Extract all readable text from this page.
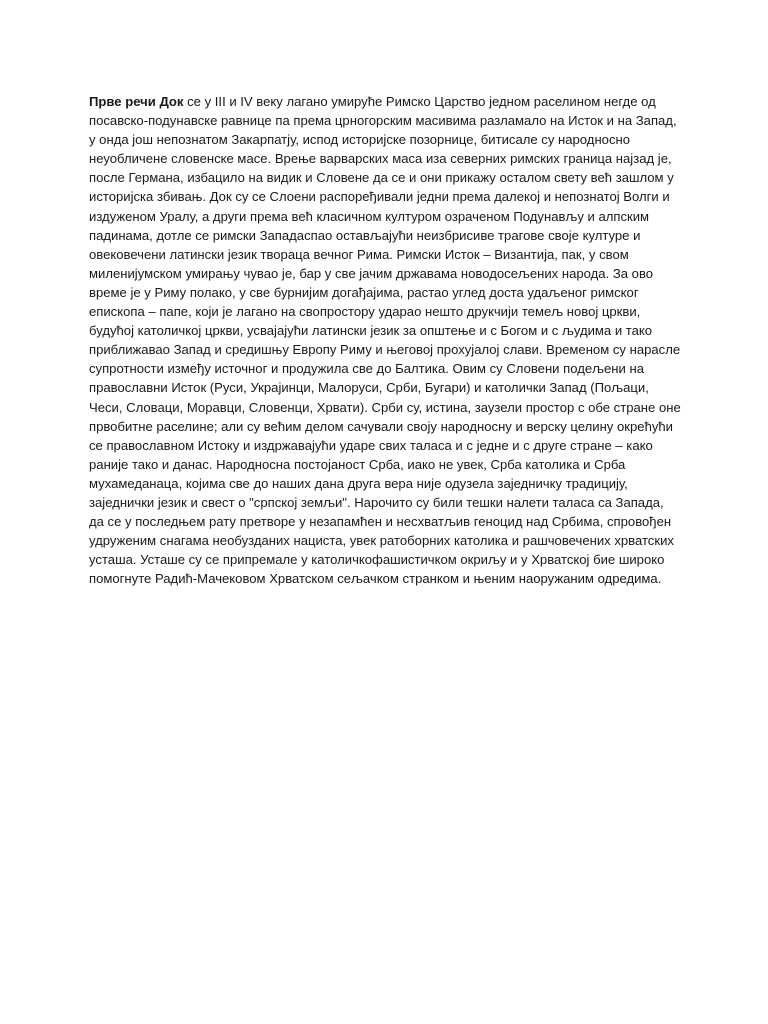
Прве речи Док се у III и IV веку лагано умируће Римско Царство једном раселином негде од посавско-подунавске равнице па према црногорским масивима разламало на Исток и на Запад, у онда још непознатом Закарпатју, испод историјске позорнице, битисале су народносно неуобличене словенске масе. Врење варварских маса иза северних римских граница најзад је, после Германа, избацило на видик и Словене да се и они прикажу осталом свету већ зашлом у историјска збивањ. Док су се Слоени распоређивали једни према далекој и непознатој Волги и издуженом Уралу, а други према већ класичном културом озраченом Подунављу и алпским падинама, дотле се римски Западаспао остављајући неизбрисиве трагове своје културе и овековечени латински језик твораца вечног Рима. Римски Исток – Византија, пак, у свом милениjумском умирању чувао је, бар у све јачим државама новодосељених народа. За ово време је у Риму полако, у све бурнијим догађајима, растао углед доста удаљеног римског епископа – папе, који је лагано на свопростору ударао нешто друкчији темељ новој цркви, будућој католичкој цркви, усвајајући латински језик за општење и с Богом и с људима и тако приближавао Запад и средишњу Европу Риму и његовој прохујалој слави. Временом су нарасле супротности између источног и продужила све до Балтика. Овим су Словени подељени на православни Исток (Руси, Украјинци, Малоруси, Срби, Бугари) и католички Запад (Пољаци, Чеси, Словаци, Моравци, Словенци, Хрвати). Срби су, истина, заузели простор с обе стране оне првобитне раселине; али су већим делом сачували своју народносну и верску целину окрећући се православном Истоку и издржавајући ударе свих таласа и с једне и с друге стране – како раније тако и данас. Народносна постојаност Срба, иако не увек, Срба католика и Срба мухамеданаца, којима све до наших дана друга вера није одузела заједничку традицију, заједнички језик и свест о "српској земљи". Нарочито су били тешки налети таласа са Запада, да се у последњем рату претворе у незапамћен и несхватљив геноцид над Србима, спровођен удруженим снагама необузданих нациста, увек ратоборних католика и рашчовечених хрватских усташа. Усташе су се припремале у католичкофашистичком окриљу и у Хрватској бие широко помогнуте Радић-Мачековом Хрватском сељачком странком и њеним наоружаним одредима.
